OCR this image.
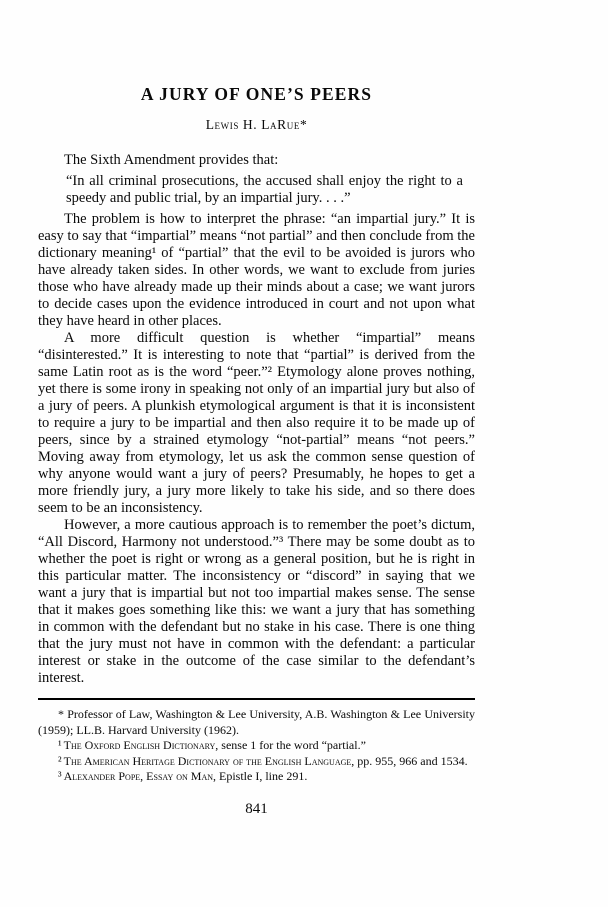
A JURY OF ONE’S PEERS
Lewis H. LaRue*

The Sixth Amendment provides that:

“In all criminal prosecutions, the accused shall enjoy the right to a speedy and public trial, by an impartial jury. . . .”

The problem is how to interpret the phrase: “an impartial jury.” It is easy to say that “impartial” means “not partial” and then conclude from the dictionary meaning¹ of “partial” that the evil to be avoided is jurors who have already taken sides. In other words, we want to exclude from juries those who have already made up their minds about a case; we want jurors to decide cases upon the evidence introduced in court and not upon what they have heard in other places.

A more difficult question is whether “impartial” means “disinterested.” It is interesting to note that “partial” is derived from the same Latin root as is the word “peer.”² Etymology alone proves nothing, yet there is some irony in speaking not only of an impartial jury but also of a jury of peers. A plunkish etymological argument is that it is inconsistent to require a jury to be impartial and then also require it to be made up of peers, since by a strained etymology “not-partial” means “not peers.” Moving away from etymology, let us ask the common sense question of why anyone would want a jury of peers? Presumably, he hopes to get a more friendly jury, a jury more likely to take his side, and so there does seem to be an inconsistency.

However, a more cautious approach is to remember the poet’s dictum, “All Discord, Harmony not understood.”³ There may be some doubt as to whether the poet is right or wrong as a general position, but he is right in this particular matter. The inconsistency or “discord” in saying that we want a jury that is impartial but not too impartial makes sense. The sense that it makes goes something like this: we want a jury that has something in common with the defendant but no stake in his case. There is one thing that the jury must not have in common with the defendant: a particular interest or stake in the outcome of the case similar to the defendant’s interest.

* Professor of Law, Washington & Lee University, A.B. Washington & Lee University (1959); LL.B. Harvard University (1962).

¹ The Oxford English Dictionary, sense 1 for the word “partial.”

² The American Heritage Dictionary of the English Language, pp. 955, 966 and 1534.

³ Alexander Pope, Essay on Man, Epistle I, line 291.

841
